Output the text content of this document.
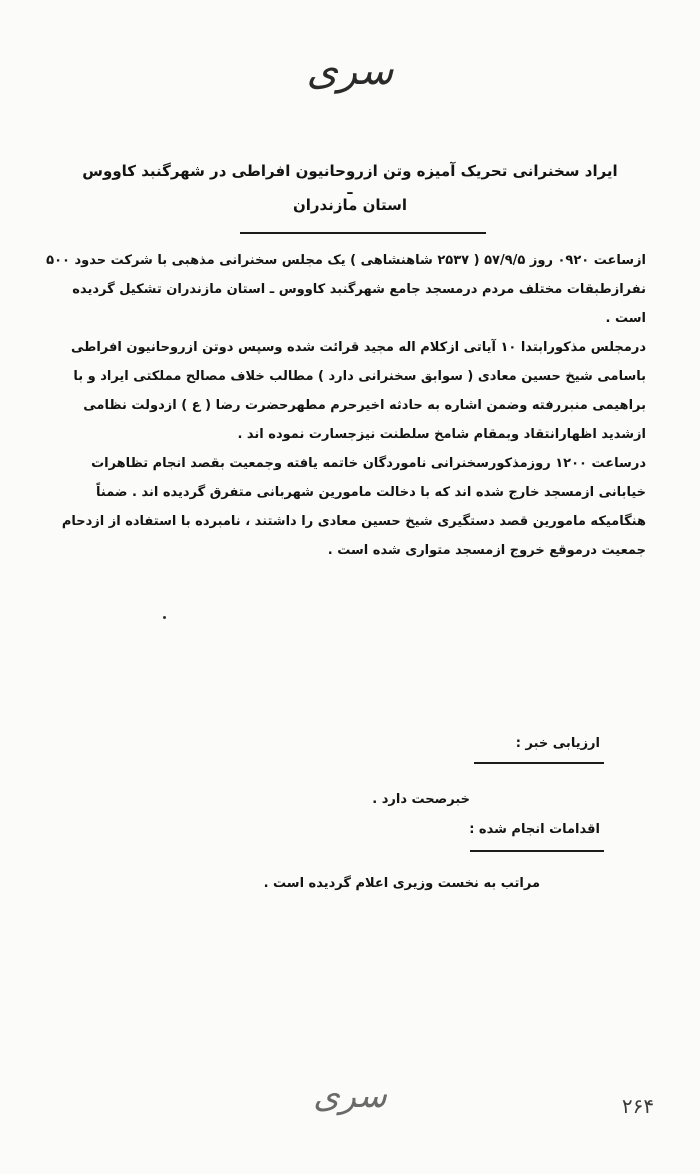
سری
ایراد سخنرانی تحریک آمیزه وتن ازروحانیون افراطی در شهرگنبد کاووس ـ
استان مازندران

ازساعت ۰۹۲۰ روز ۵۷/۹/۵ ( ۲۵۳۷ شاهنشاهی ) یک مجلس سخنرانی مذهبی با شرکت حدود ۵۰۰ نفرازطبقات مختلف مردم درمسجد جامع شهرگنبد کاووس ـ استان مازندران تشکیل گردیده است .

درمجلس مذکورابتدا ۱۰ آیاتی ازکلام اله مجید قرائت شده وسپس دوتن ازروحانیون افراطی باسامی شیخ حسین معادی ( سوابق سخنرانی دارد ) مطالب خلاف مصالح مملکتی ایراد و با براهیمی منبررفته وضمن اشاره به حادثه اخیرحرم مطهرحضرت رضا ( ع ) ازدولت نظامی ازشدید اظهارانتقاد وبمقام شامخ سلطنت نیزجسارت نموده اند .

درساعت ۱۲۰۰ روزمذکورسخنرانی ناموردگان خاتمه یافته وجمعیت بقصد انجام تظاهرات خیابانی ازمسجد خارج شده اند که با دخالت مامورین شهربانی متفرق گردیده اند . ضمناً هنگامیکه مامورین قصد دستگیری شیخ حسین معادی را داشتند ، نامبرده با استفاده از ازدحام جمعیت درموقع خروج ازمسجد متواری شده است .

ارزیابی خبر :
خبرصحت دارد .
اقدامات انجام شده :
مراتب به نخست وزیری اعلام گردیده است .
سری	۲۶۴
